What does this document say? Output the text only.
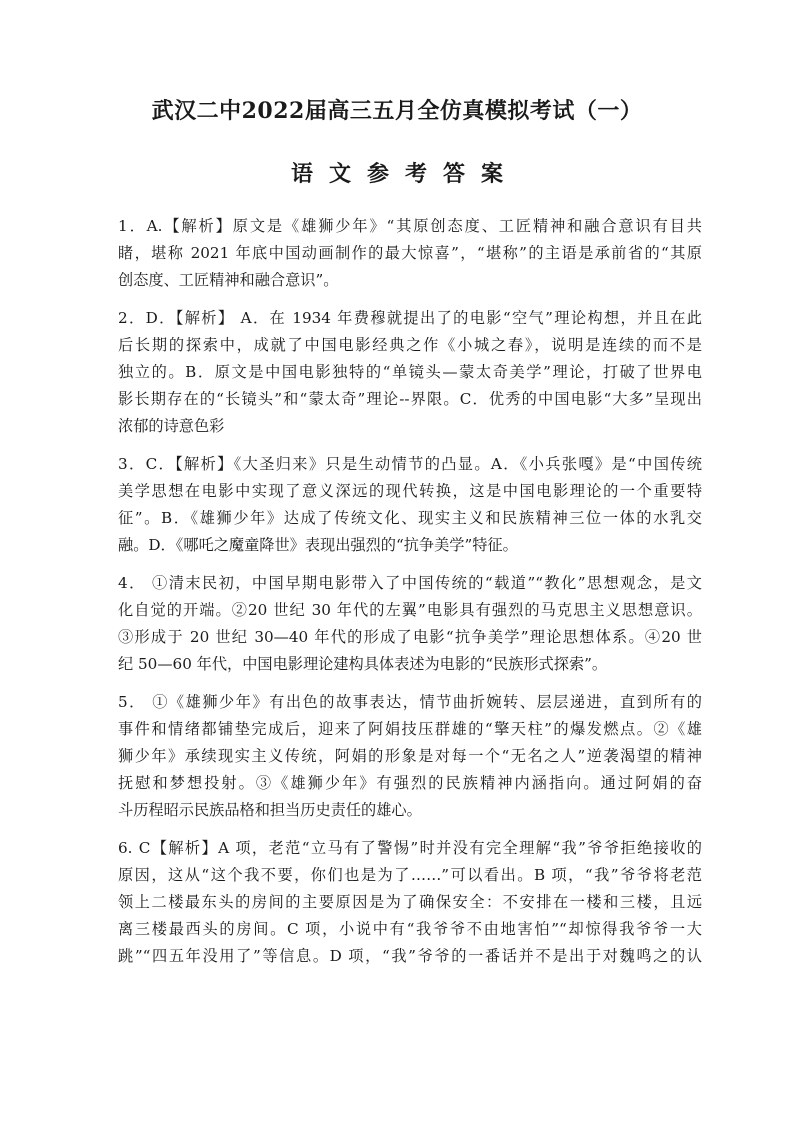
武汉二中2022届高三五月全仿真模拟考试（一）
语文参考答案
1．A.【解析】原文是《雄狮少年》“其原创态度、工匠精神和融合意识有目共
睹，堪称 2021 年底中国动画制作的最大惊喜”，“堪称”的主语是承前省的“其原
创态度、工匠精神和融合意识”。
2．D．【解析】 A．在 1934 年费穆就提出了的电影“空气”理论构想，并且在此
后长期的探索中，成就了中国电影经典之作《小城之春》，说明是连续的而不是
独立的。B．原文是中国电影独特的“单镜头—蒙太奇美学”理论，打破了世界电
影长期存在的“长镜头”和“蒙太奇”理论--界限。C．优秀的中国电影“大多”呈现出
浓郁的诗意色彩
3．C．【解析】《大圣归来》只是生动情节的凸显。A．《小兵张嘎》是“中国传统
美学思想在电影中实现了意义深远的现代转换，这是中国电影理论的一个重要特
征”。B．《雄狮少年》达成了传统文化、现实主义和民族精神三位一体的水乳交
融。D．《哪吒之魔童降世》表现出强烈的“抗争美学”特征。
4． ①清末民初，中国早期电影带入了中国传统的“载道”“教化”思想观念，是文
化自觉的开端。②20 世纪 30 年代的左翼”电影具有强烈的马克思主义思想意识。
③形成于 20 世纪 30—40 年代的形成了电影“抗争美学”理论思想体系。④20 世
纪 50—60 年代，中国电影理论建构具体表述为电影的“民族形式探索”。
5． ①《雄狮少年》有出色的故事表达，情节曲折婉转、层层递进，直到所有的
事件和情绪都铺垫完成后，迎来了阿娟技压群雄的“擎天柱”的爆发燃点。②《雄
狮少年》承续现实主义传统，阿娟的形象是对每一个“无名之人”逆袭渴望的精神
抚慰和梦想投射。③《雄狮少年》有强烈的民族精神内涵指向。通过阿娟的奋
斗历程昭示民族品格和担当历史责任的雄心。
6. C【解析】A 项，老范“立马有了警惕”时并没有完全理解“我”爷爷拒绝接收的
原因，这从“这个我不要，你们也是为了……”可以看出。B 项，“我”爷爷将老范
领上二楼最东头的房间的主要原因是为了确保安全：不安排在一楼和三楼，且远
离三楼最西头的房间。C 项，小说中有“我爷爷不由地害怕”“却惊得我爷爷一大
跳”“四五年没用了”等信息。D 项，“我”爷爷的一番话并不是出于对魏鸣之的认
